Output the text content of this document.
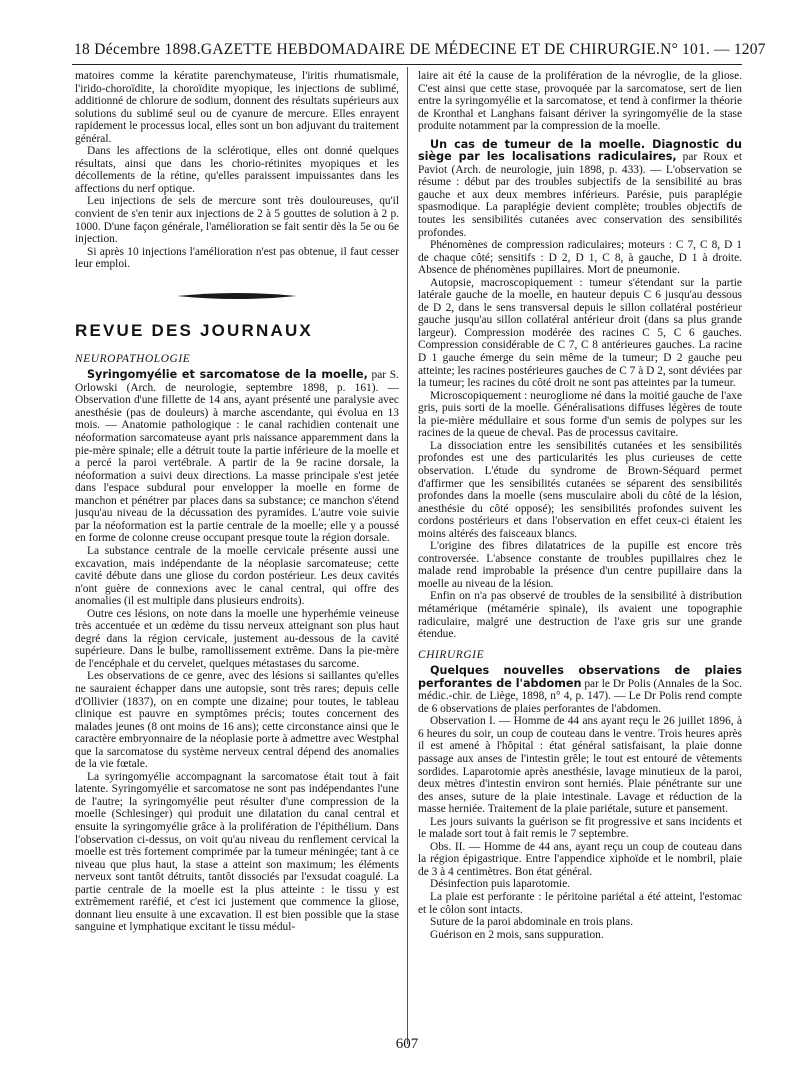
18 Décembre 1898. GAZETTE HEBDOMADAIRE DE MÉDECINE ET DE CHIRURGIE. N° 101. — 1207

matoires comme la kératite parenchymateuse, l'iritis rhumatismale, l'irido-choroïdite, la choroïdite myopique, les injections de sublimé, additionné de chlorure de sodium, donnent des résultats supérieurs aux solutions du sublimé seul ou de cyanure de mercure. Elles enrayent rapidement le processus local, elles sont un bon adjuvant du traitement général.

Dans les affections de la sclérotique, elles ont donné quelques résultats, ainsi que dans les chorio-rétinites myopiques et les décollements de la rétine, qu'elles paraissent impuissantes dans les affections du nerf optique.

Leu injections de sels de mercure sont très douloureuses, qu'il convient de s'en tenir aux injections de 2 à 5 gouttes de solution à 2 p. 1000. D'une façon générale, l'amélioration se fait sentir dès la 5e ou 6e injection.

Si après 10 injections l'amélioration n'est pas obtenue, il faut cesser leur emploi.

REVUE DES JOURNAUX
NEUROPATHOLOGIE

Syringomyélie et sarcomatose de la moelle, par S. Orlowski (Arch. de neurologie, septembre 1898, p. 161). — Observation d'une fillette de 14 ans, ayant présenté une paralysie avec anesthésie (pas de douleurs) à marche ascendante, qui évolua en 13 mois. — Anatomie pathologique : le canal rachidien contenait une néoformation sarcomateuse ayant pris naissance apparemment dans la pie-mère spinale; elle a détruit toute la partie inférieure de la moelle et a percé la paroi vertébrale. A partir de la 9e racine dorsale, la néoformation a suivi deux directions. La masse principale s'est jetée dans l'espace subdural pour envelopper la moelle en forme de manchon et pénétrer par places dans sa substance; ce manchon s'étend jusqu'au niveau de la décussation des pyramides. L'autre voie suivie par la néoformation est la partie centrale de la moelle; elle y a poussé en forme de colonne creuse occupant presque toute la région dorsale.

La substance centrale de la moelle cervicale présente aussi une excavation, mais indépendante de la néoplasie sarcomateuse; cette cavité débute dans une gliose du cordon postérieur. Les deux cavités n'ont guère de connexions avec le canal central, qui offre des anomalies (il est multiple dans plusieurs endroits).

Outre ces lésions, on note dans la moelle une hyperhémie veineuse très accentuée et un œdème du tissu nerveux atteignant son plus haut degré dans la région cervicale, justement au-dessous de la cavité supérieure. Dans le bulbe, ramollissement extrême. Dans la pie-mère de l'encéphale et du cervelet, quelques métastases du sarcome.

Les observations de ce genre, avec des lésions si saillantes qu'elles ne sauraient échapper dans une autopsie, sont très rares; depuis celle d'Ollivier (1837), on en compte une dizaine; pour toutes, le tableau clinique est pauvre en symptômes précis; toutes concernent des malades jeunes (8 ont moins de 16 ans); cette circonstance ainsi que le caractère embryonnaire de la néoplasie porte à admettre avec Westphal que la sarcomatose du système nerveux central dépend des anomalies de la vie fœtale.

La syringomyélie accompagnant la sarcomatose était tout à fait latente. Syringomyélie et sarcomatose ne sont pas indépendantes l'une de l'autre; la syringomyélie peut résulter d'une compression de la moelle (Schlesinger) qui produit une dilatation du canal central et ensuite la syringomyélie grâce à la prolifération de l'épithélium. Dans l'observation ci-dessus, on voit qu'au niveau du renflement cervical la moelle est très fortement comprimée par la tumeur méningée; tant à ce niveau que plus haut, la stase a atteint son maximum; les éléments nerveux sont tantôt détruits, tantôt dissociés par l'exsudat coagulé. La partie centrale de la moelle est la plus atteinte : le tissu y est extrêmement raréfié, et c'est ici justement que commence la gliose, donnant lieu ensuite à une excavation. Il est bien possible que la stase sanguine et lymphatique excitant le tissu médul-

laire ait été la cause de la prolifération de la névroglie, de la gliose. C'est ainsi que cette stase, provoquée par la sarcomatose, sert de lien entre la syringomyélie et la sarcomatose, et tend à confirmer la théorie de Kronthal et Langhans faisant dériver la syringomyélie de la stase produite notamment par la compression de la moelle.

Un cas de tumeur de la moelle. Diagnostic du siège par les localisations radiculaires, par Roux et Paviot (Arch. de neurologie, juin 1898, p. 433). — L'observation se résume : début par des troubles subjectifs de la sensibilité au bras gauche et aux deux membres inférieurs. Parésie, puis paraplégie spasmodique. La paraplégie devient complète; troubles objectifs de toutes les sensibilités cutanées avec conservation des sensibilités profondes.

Phénomènes de compression radiculaires; moteurs : C 7, C 8, D 1 de chaque côté; sensitifs : D 2, D 1, C 8, à gauche, D 1 à droite. Absence de phénomènes pupillaires. Mort de pneumonie.

Autopsie, macroscopiquement : tumeur s'étendant sur la partie latérale gauche de la moelle, en hauteur depuis C 6 jusqu'au dessous de D 2, dans le sens transversal depuis le sillon collatéral postérieur gauche jusqu'au sillon collatéral antérieur droit (dans sa plus grande largeur). Compression modérée des racines C 5, C 6 gauches. Compression considérable de C 7, C 8 antérieures gauches. La racine D 1 gauche émerge du sein même de la tumeur; D 2 gauche peu atteinte; les racines postérieures gauches de C 7 à D 2, sont déviées par la tumeur; les racines du côté droit ne sont pas atteintes par la tumeur.

Microscopiquement : neurogliome né dans la moitié gauche de l'axe gris, puis sorti de la moelle. Généralisations diffuses légères de toute la pie-mière médullaire et sous forme d'un semis de polypes sur les racines de la queue de cheval. Pas de processus cavitaire.

La dissociation entre les sensibilités cutanées et les sensibilités profondes est une des particularités les plus curieuses de cette observation. L'étude du syndrome de Brown-Séquard permet d'affirmer que les sensibilités cutanées se séparent des sensibilités profondes dans la moelle (sens musculaire aboli du côté de la lésion, anesthésie du côté opposé); les sensibilités profondes suivent les cordons postérieurs et dans l'observation en effet ceux-ci étaient les moins altérés des faisceaux blancs.

L'origine des fibres dilatatrices de la pupille est encore très controversée. L'absence constante de troubles pupillaires chez le malade rend improbable la présence d'un centre pupillaire dans la moelle au niveau de la lésion.

Enfin on n'a pas observé de troubles de la sensibilité à distribution métamérique (métamérie spinale), ils avaient une topographie radiculaire, malgré une destruction de l'axe gris sur une grande étendue.

CHIRURGIE

Quelques nouvelles observations de plaies perforantes de l'abdomen par le Dr Polis (Annales de la Soc. médic.-chir. de Liège, 1898, n° 4, p. 147). — Le Dr Polis rend compte de 6 observations de plaies perforantes de l'abdomen.

Observation I. — Homme de 44 ans ayant reçu le 26 juillet 1896, à 6 heures du soir, un coup de couteau dans le ventre. Trois heures après il est amené à l'hôpital : état général satisfaisant, la plaie donne passage aux anses de l'intestin grêle; le tout est entouré de vêtements sordides. Laparotomie après anesthésie, lavage minutieux de la paroi, deux mètres d'intestin environ sont herniés. Plaie pénétrante sur une des anses, suture de la plaie intestinale. Lavage et réduction de la masse herniée. Traitement de la plaie pariétale, suture et pansement.

Les jours suivants la guérison se fit progressive et sans incidents et le malade sort tout à fait remis le 7 septembre.

Obs. II. — Homme de 44 ans, ayant reçu un coup de couteau dans la région épigastrique. Entre l'appendice xiphoïde et le nombril, plaie de 3 à 4 centimètres. Bon état général.

Désinfection puis laparotomie.

La plaie est perforante : le péritoine pariétal a été atteint, l'estomac et le côlon sont intacts.

Suture de la paroi abdominale en trois plans.

Guérison en 2 mois, sans suppuration.

607
